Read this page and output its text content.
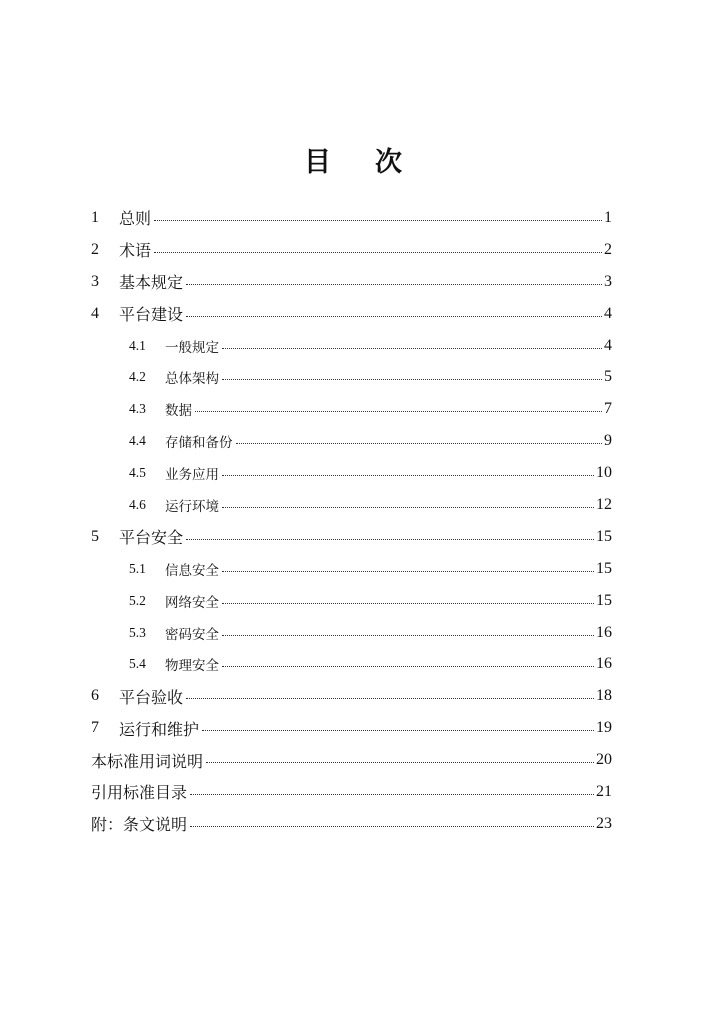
目 次
1	总则	1
2	术语	2
3	基本规定	3
4	平台建设	4
4.1	一般规定	4
4.2	总体架构	5
4.3	数据	7
4.4	存储和备份	9
4.5	业务应用	10
4.6	运行环境	12
5	平台安全	15
5.1	信息安全	15
5.2	网络安全	15
5.3	密码安全	16
5.4	物理安全	16
6	平台验收	18
7	运行和维护	19
本标准用词说明	20
引用标准目录	21
附：条文说明	23
